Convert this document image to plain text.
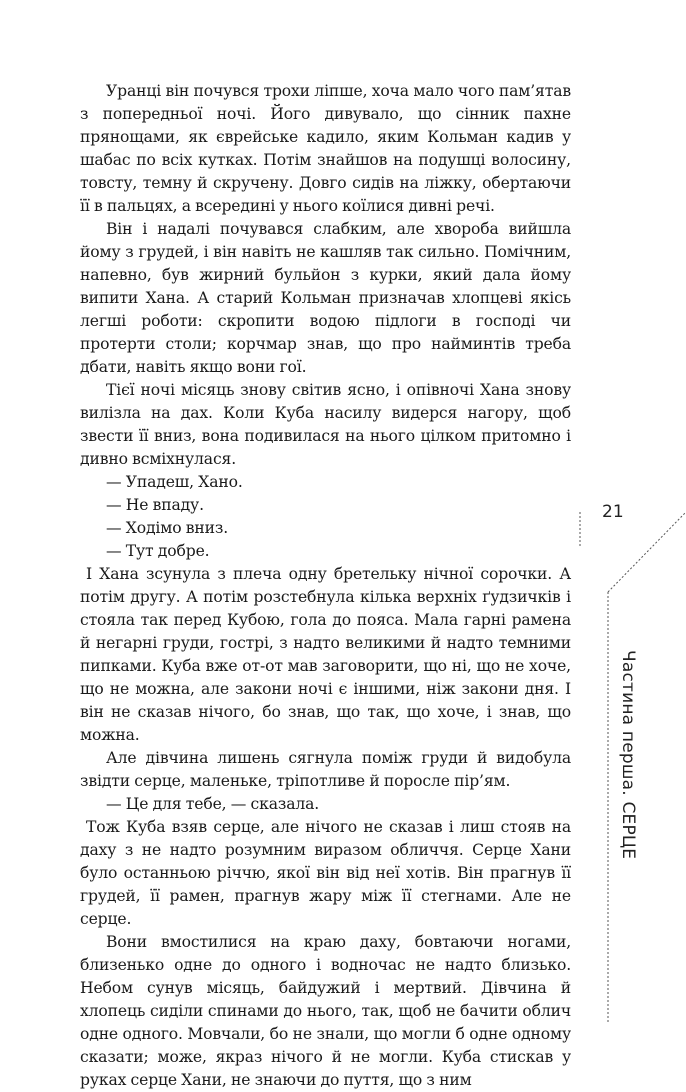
Уранці він почувся трохи ліпше, хоча мало чого пам’ятав з попередньої ночі. Його дивувало, що сінник пахне прянощами, як єврейське кадило, яким Кольман кадив у шабас по всіх кутках. Потім знайшов на подушці волосину, товсту, темну й скручену. Довго сидів на ліжку, обертаючи її в пальцях, а всередині у нього коїлися дивні речі.

Він і надалі почувався слабким, але хвороба вийшла йому з грудей, і він навіть не кашляв так сильно. Помічним, напевно, був жирний бульйон з курки, який дала йому випити Хана. А старий Кольман призначав хлопцеві якісь легші роботи: скропити водою підлоги в господі чи протерти столи; корчмар знав, що про найминтів треба дбати, навіть якщо вони гої.

Тієї ночі місяць знову світив ясно, і опівночі Хана знову вилізла на дах. Коли Куба насилу видерся нагору, щоб звести її вниз, вона подивилася на нього цілком притомно і дивно всміхнулася.

— Упадеш, Хано.
— Не впаду.
— Ходімо вниз.
— Тут добре.

І Хана зсунула з плеча одну бретельку нічної сорочки. А потім другу. А потім розстебнула кілька верхніх ґудзичків і стояла так перед Кубою, гола до пояса. Мала гарні рамена й негарні груди, гострі, з надто великими й надто темними пипками. Куба вже от-от мав заговорити, що ні, що не хоче, що не можна, але закони ночі є іншими, ніж закони дня. І він не сказав нічого, бо знав, що так, що хоче, і знав, що можна.

Але дівчина лишень сягнула поміж груди й видобула звідти серце, маленьке, тріпотливе й поросле пір’ям.

— Це для тебе, — сказала.

Тож Куба взяв серце, але нічого не сказав і лиш стояв на даху з не надто розумним виразом обличчя. Серце Хани було останньою річчю, якої він від неї хотів. Він прагнув її грудей, її рамен, прагнув жару між її стегнами. Але не серце.

Вони вмостилися на краю даху, бовтаючи ногами, близенько одне до одного і водночас не надто близько. Небом сунув місяць, байдужий і мертвий. Дівчина й хлопець сиділи спинами до нього, так, щоб не бачити облич одне одного. Мовчали, бо не знали, що могли б одне одному сказати; може, якраз нічого й не могли. Куба стискав у руках серце Хани, не знаючи до пуття, що з ним

21
Частина перша. СЕРЦЕ
